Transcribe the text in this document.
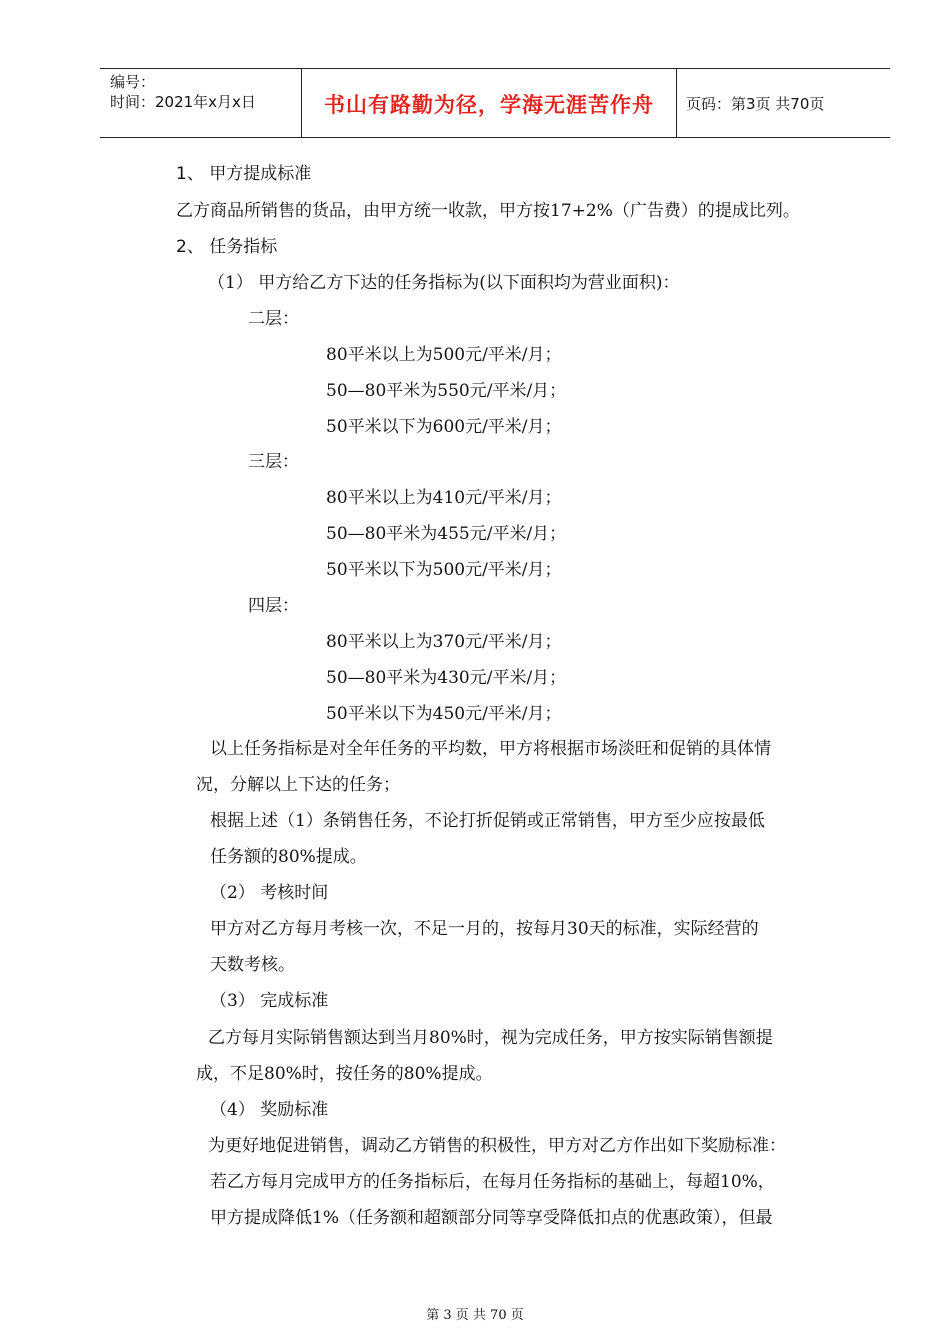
编号：
时间：2021年x月x日	书山有路勤为径，学海无涯苦作舟	页码：第3页 共70页
1、 甲方提成标准
乙方商品所销售的货品，由甲方统一收款，甲方按17+2%（广告费）的提成比列。
2、 任务指标
（1） 甲方给乙方下达的任务指标为(以下面积均为营业面积)：
二层：
80平米以上为500元/平米/月；
50—80平米为550元/平米/月；
50平米以下为600元/平米/月；
三层：
80平米以上为410元/平米/月；
50—80平米为455元/平米/月；
50平米以下为500元/平米/月；
四层：
80平米以上为370元/平米/月；
50—80平米为430元/平米/月；
50平米以下为450元/平米/月；
以上任务指标是对全年任务的平均数，甲方将根据市场淡旺和促销的具体情
况，分解以上下达的任务；
根据上述（1）条销售任务，不论打折促销或正常销售，甲方至少应按最低
任务额的80%提成。
（2） 考核时间
甲方对乙方每月考核一次，不足一月的，按每月30天的标准，实际经营的
天数考核。
（3） 完成标准
乙方每月实际销售额达到当月80%时，视为完成任务，甲方按实际销售额提
成，不足80%时，按任务的80%提成。
（4） 奖励标准
为更好地促进销售，调动乙方销售的积极性，甲方对乙方作出如下奖励标准：
若乙方每月完成甲方的任务指标后，在每月任务指标的基础上，每超10%，
甲方提成降低1%（任务额和超额部分同等享受降低扣点的优惠政策），但最
第 3 页 共 70 页
